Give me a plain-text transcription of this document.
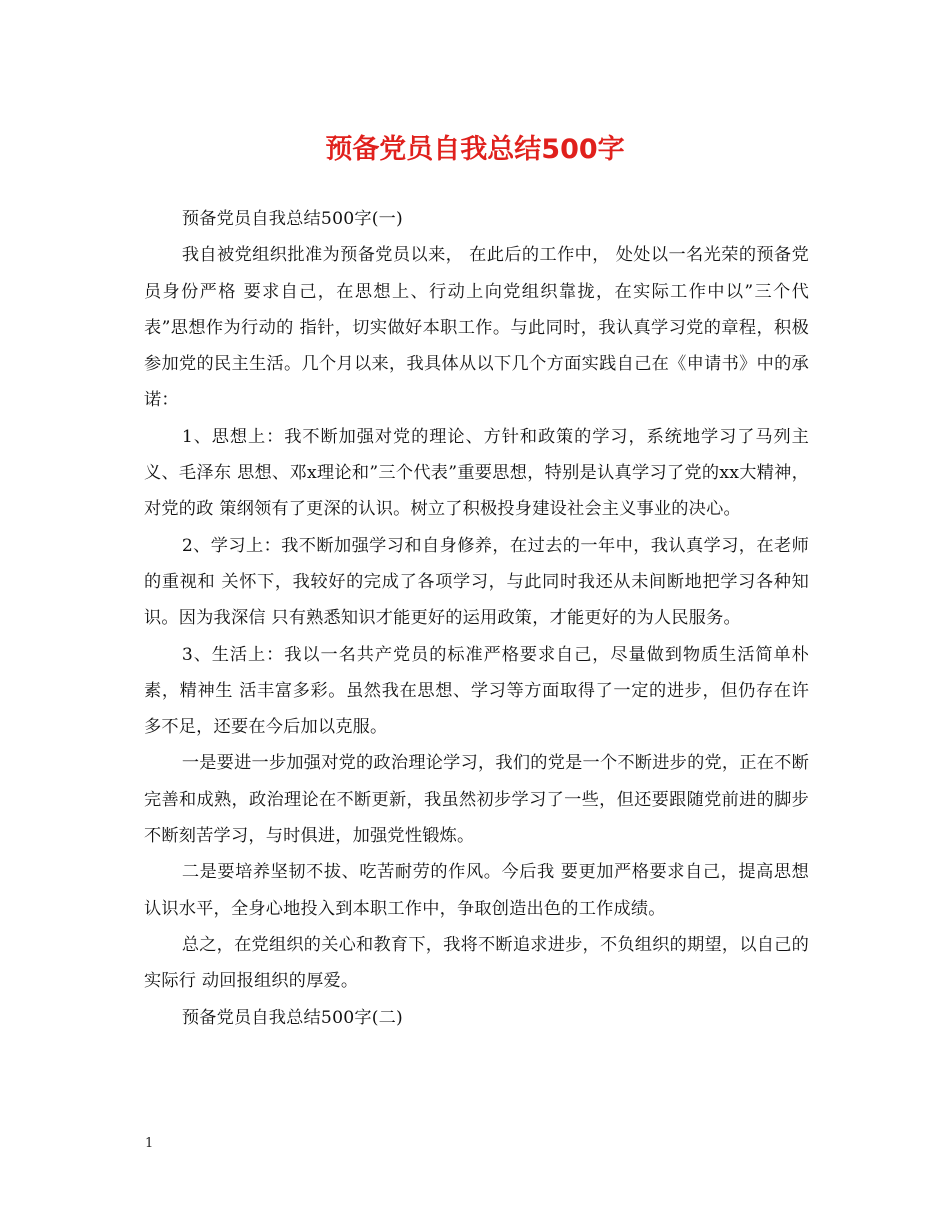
预备党员自我总结500字

预备党员自我总结500字(一)

我自被党组织批准为预备党员以来， 在此后的工作中， 处处以一名光荣的预备党员身份严格 要求自己，在思想上、行动上向党组织靠拢，在实际工作中以”三个代表”思想作为行动的 指针，切实做好本职工作。与此同时，我认真学习党的章程，积极参加党的民主生活。几个月以来，我具体从以下几个方面实践自己在《申请书》中的承诺：

1、思想上：我不断加强对党的理论、方针和政策的学习，系统地学习了马列主义、毛泽东 思想、邓x理论和”三个代表”重要思想，特别是认真学习了党的xx大精神，对党的政 策纲领有了更深的认识。树立了积极投身建设社会主义事业的决心。

2、学习上：我不断加强学习和自身修养，在过去的一年中，我认真学习，在老师的重视和 关怀下，我较好的完成了各项学习，与此同时我还从未间断地把学习各种知识。因为我深信 只有熟悉知识才能更好的运用政策，才能更好的为人民服务。

3、生活上：我以一名共产党员的标准严格要求自己，尽量做到物质生活简单朴素，精神生 活丰富多彩。虽然我在思想、学习等方面取得了一定的进步，但仍存在许多不足，还要在今后加以克服。

一是要进一步加强对党的政治理论学习，我们的党是一个不断进步的党，正在不断完善和成熟，政治理论在不断更新，我虽然初步学习了一些，但还要跟随党前进的脚步 不断刻苦学习，与时俱进，加强党性锻炼。

二是要培养坚韧不拔、吃苦耐劳的作风。今后我 要更加严格要求自己，提高思想认识水平，全身心地投入到本职工作中，争取创造出色的工作成绩。

总之，在党组织的关心和教育下，我将不断追求进步，不负组织的期望，以自己的实际行 动回报组织的厚爱。

预备党员自我总结500字(二)

1
